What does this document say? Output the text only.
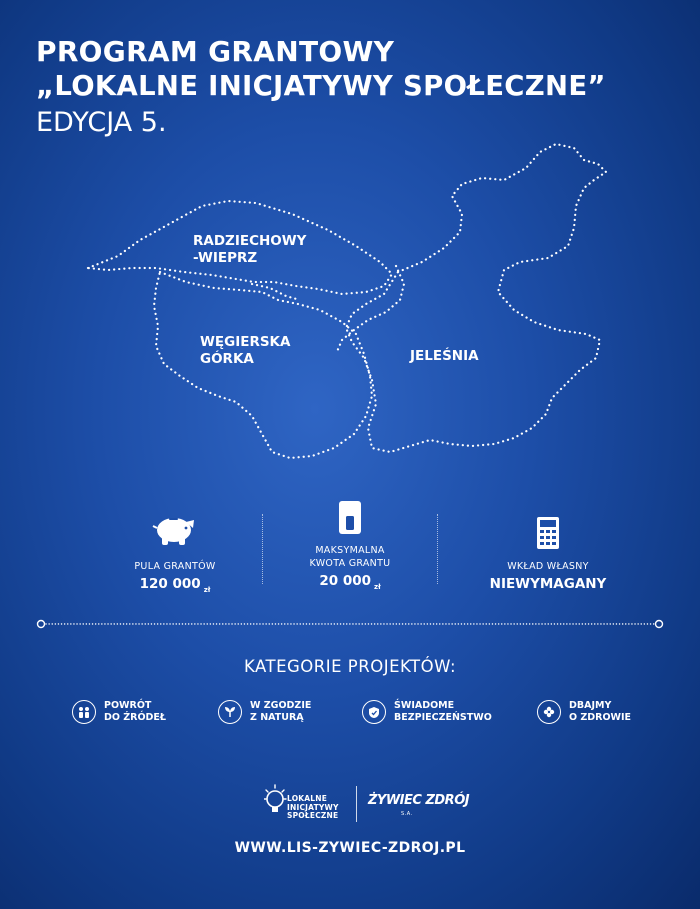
PROGRAM GRANTOWY
„LOKALNE INICJATYWY SPOŁECZNE”
EDYCJA 5.
RADZIECHOWY
-WIEPRZ
WĘGIERSKA
GÓRKA	JELEŚNIA
PULA GRANTÓW
120 000 $_{zł}$
MAKSYMALNA
KWOTA GRANTU
20 000 $_{zł}$
WKŁAD WŁASNY
NIEWYMAGANY
KATEGORIE PROJEKTÓW:
POWRÓT
DO ŹRÓDEŁ
W ZGODZIE
Z NATURĄ
ŚWIADOME
BEZPIECZEŃSTWO
DBAJMY
O ZDROWIE
LOKALNE
INICJATYWY
SPOŁECZNE
ŻYWIEC ZDRÓJ
S.A.
WWW.LIS-ZYWIEC-ZDROJ.PL
